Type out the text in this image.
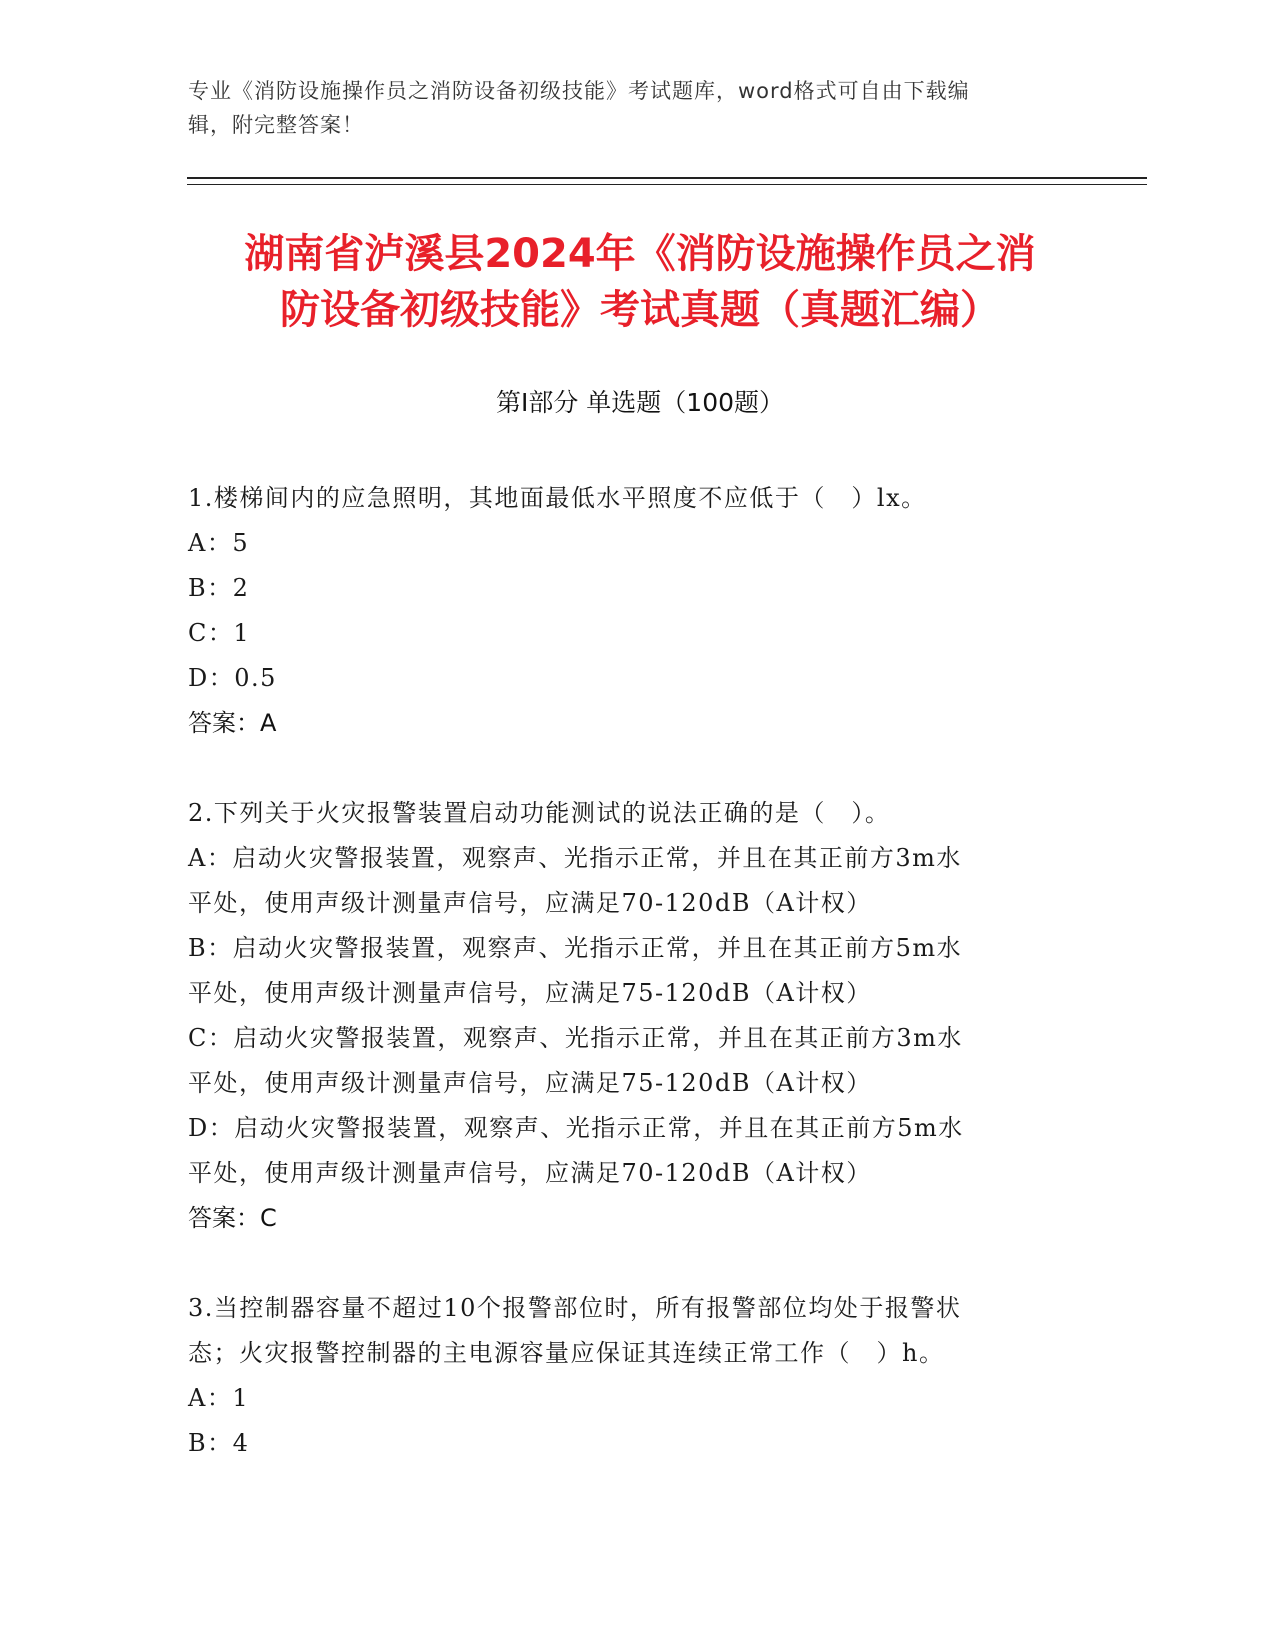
专业《消防设施操作员之消防设备初级技能》考试题库，word格式可自由下载编
辑，附完整答案！
湖南省泸溪县2024年《消防设施操作员之消
防设备初级技能》考试真题（真题汇编）
第Ⅰ部分 单选题（100题）
1.楼梯间内的应急照明，其地面最低水平照度不应低于（　）lx。
A：5
B：2
C：1
D：0.5
答案：A
2.下列关于火灾报警装置启动功能测试的说法正确的是（　）。
A：启动火灾警报装置，观察声、光指示正常，并且在其正前方3m水
平处，使用声级计测量声信号，应满足70-120dB（A计权）
B：启动火灾警报装置，观察声、光指示正常，并且在其正前方5m水
平处，使用声级计测量声信号，应满足75-120dB（A计权）
C：启动火灾警报装置，观察声、光指示正常，并且在其正前方3m水
平处，使用声级计测量声信号，应满足75-120dB（A计权）
D：启动火灾警报装置，观察声、光指示正常，并且在其正前方5m水
平处，使用声级计测量声信号，应满足70-120dB（A计权）
答案：C
3.当控制器容量不超过10个报警部位时，所有报警部位均处于报警状
态；火灾报警控制器的主电源容量应保证其连续正常工作（　）h。
A：1
B：4
